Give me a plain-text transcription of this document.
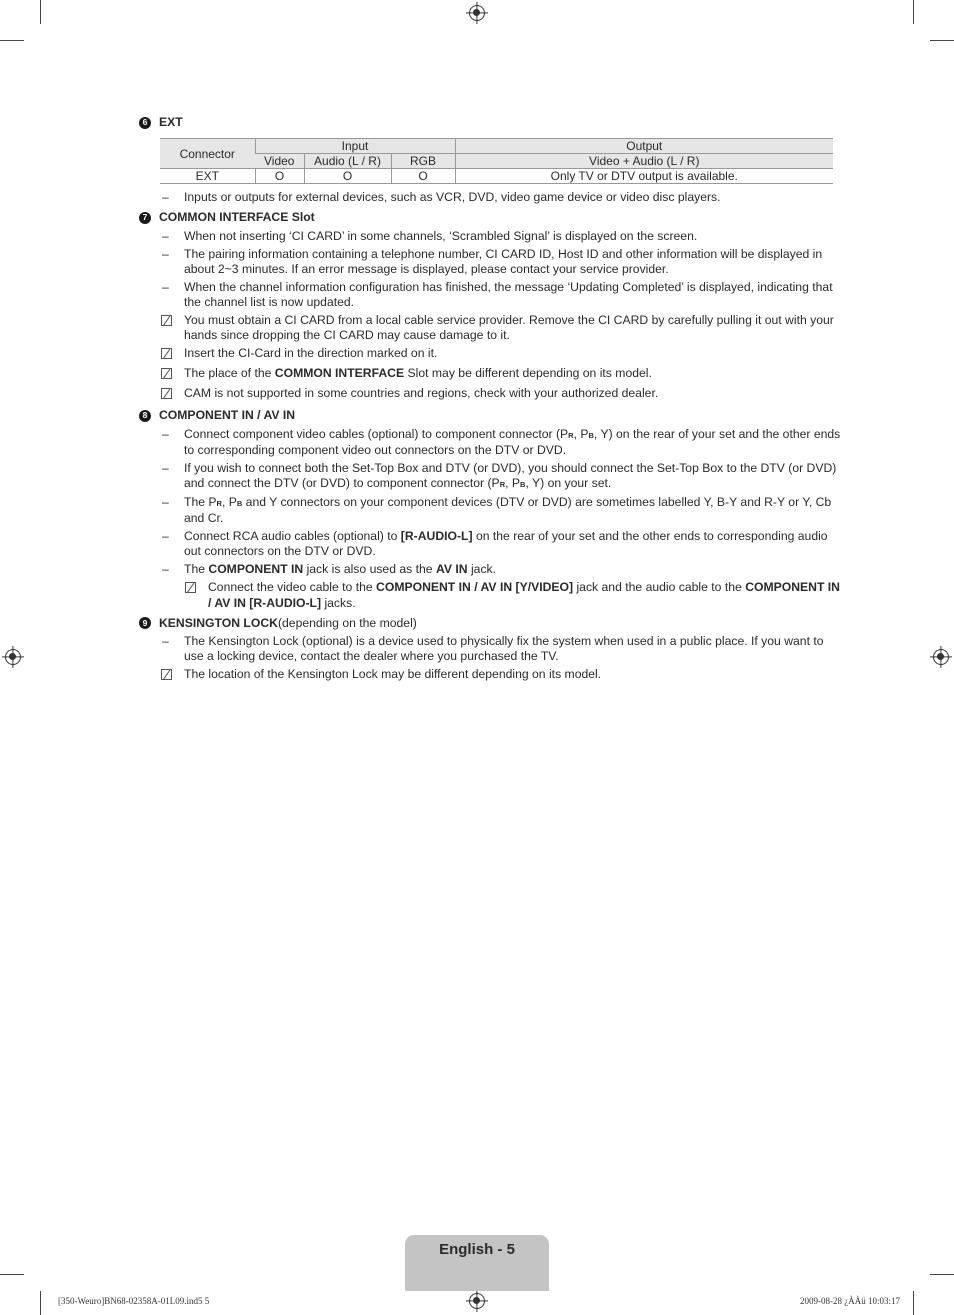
6 EXT
Connector	Input			Output
	Video	Audio (L / R)	RGB	Video + Audio (L / R)
EXT	O	O	O	Only TV or DTV output is available.
–	Inputs or outputs for external devices, such as VCR, DVD, video game device or video disc players.
7 COMMON INTERFACE Slot
–	When not inserting ‘CI CARD’ in some channels, ‘Scrambled Signal’ is displayed on the screen.
–	The pairing information containing a telephone number, CI CARD ID, Host ID and other information will be displayed in about 2~3 minutes. If an error message is displayed, please contact your service provider.
–	When the channel information configuration has finished, the message ‘Updating Completed’ is displayed, indicating that the channel list is now updated.
You must obtain a CI CARD from a local cable service provider. Remove the CI CARD by carefully pulling it out with your hands since dropping the CI CARD may cause damage to it.
Insert the CI-Card in the direction marked on it.
The place of the COMMON INTERFACE Slot may be different depending on its model.
CAM is not supported in some countries and regions, check with your authorized dealer.
8 COMPONENT IN / AV IN
–	Connect component video cables (optional) to component connector (PR, PB, Y) on the rear of your set and the other ends to corresponding component video out connectors on the DTV or DVD.
–	If you wish to connect both the Set-Top Box and DTV (or DVD), you should connect the Set-Top Box to the DTV (or DVD) and connect the DTV (or DVD) to component connector (PR, PB, Y) on your set.
–	The PR, PB and Y connectors on your component devices (DTV or DVD) are sometimes labelled Y, B-Y and R-Y or Y, Cb and Cr.
–	Connect RCA audio cables (optional) to [R-AUDIO-L] on the rear of your set and the other ends to corresponding audio out connectors on the DTV or DVD.
–	The COMPONENT IN jack is also used as the AV IN jack.
Connect the video cable to the COMPONENT IN / AV IN [Y/VIDEO] jack and the audio cable to the COMPONENT IN / AV IN [R-AUDIO-L] jacks.
9 KENSINGTON LOCK (depending on the model)
–	The Kensington Lock (optional) is a device used to physically fix the system when used in a public place. If you want to use a locking device, contact the dealer where you purchased the TV.
The location of the Kensington Lock may be different depending on its model.
English - 5
[350-Weuro]BN68-02358A-01L09.ind5 5	2009-08-28 ¿ÀÀü 10:03:17
